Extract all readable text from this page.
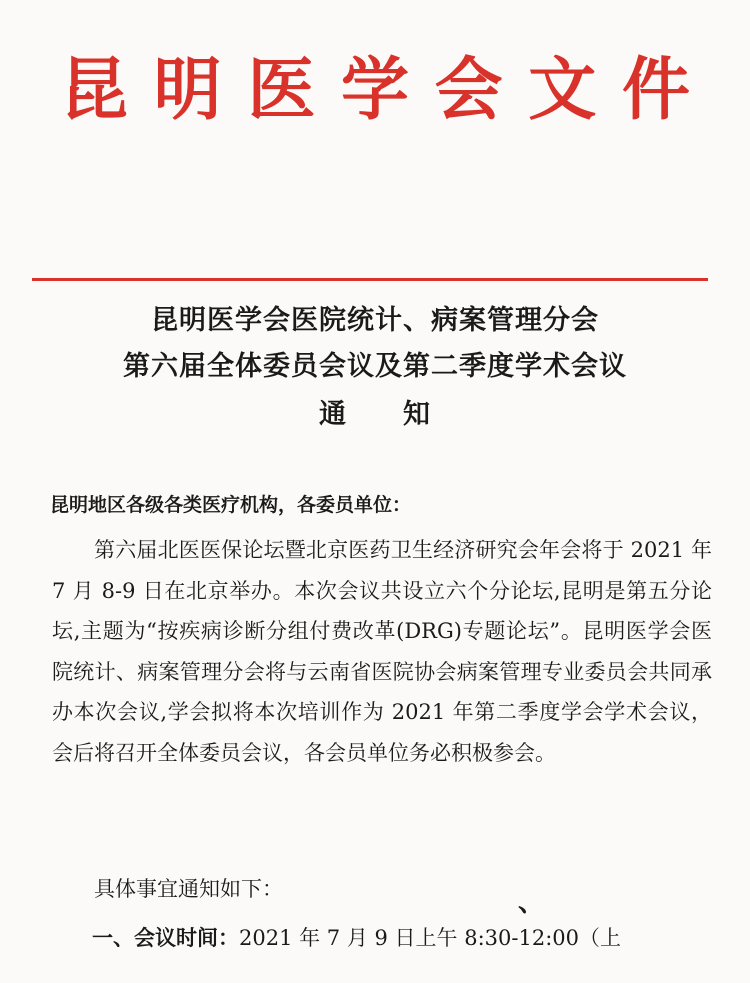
昆 明 医 学 会 文 件
昆明医学会医院统计、病案管理分会
第六届全体委员会议及第二季度学术会议
通 知
昆明地区各级各类医疗机构，各委员单位：

第六届北医医保论坛暨北京医药卫生经济研究会年会将于 2021 年 7 月 8-9 日在北京举办。本次会议共设立六个分论坛,昆明是第五分论坛,主题为“按疾病诊断分组付费改革(DRG)专题论坛”。昆明医学会医院统计、病案管理分会将与云南省医院协会病案管理专业委员会共同承办本次会议,学会拟将本次培训作为 2021 年第二季度学会学术会议，会后将召开全体委员会议，各会员单位务必积极参会。

具体事宜通知如下：	、
一、会议时间：2021 年 7 月 9 日上午 8:30-12:00（上
